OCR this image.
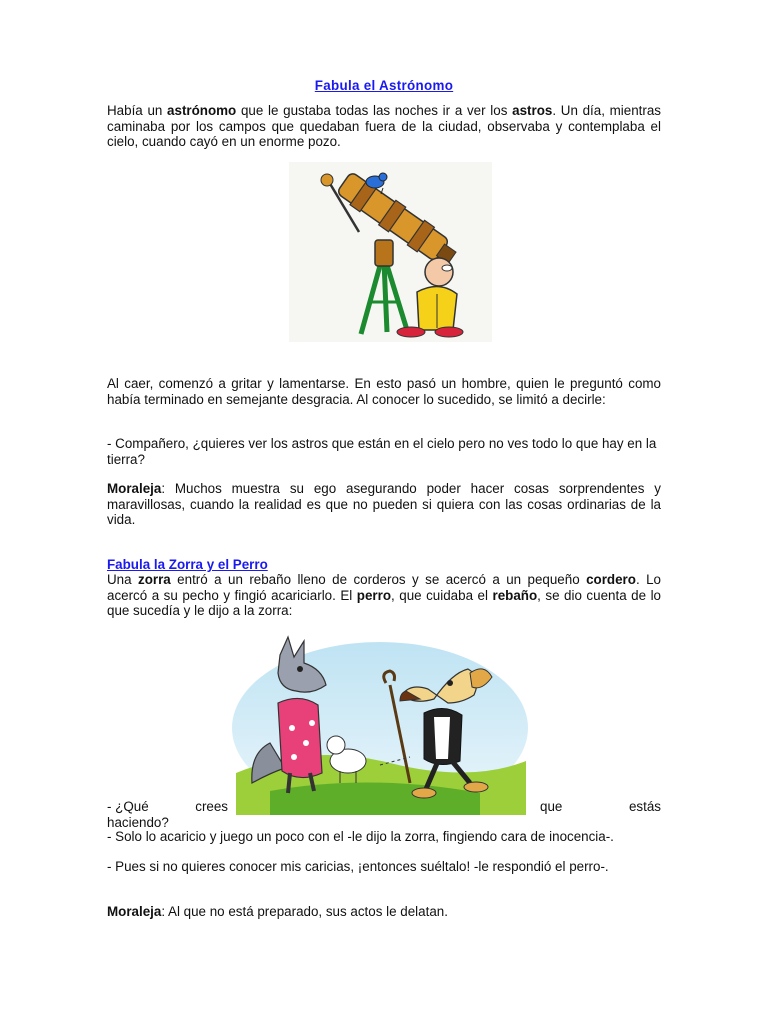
Fabula el Astrónomo

Había un astrónomo que le gustaba todas las noches ir a ver los astros. Un día, mientras caminaba por los campos que quedaban fuera de la ciudad, observaba y contemplaba el cielo, cuando cayó en un enorme pozo.

Al caer, comenzó a gritar y lamentarse. En esto pasó un hombre, quien le preguntó como había terminado en semejante desgracia. Al conocer lo sucedido, se limitó a decirle:

- Compañero, ¿quieres ver los astros que están en el cielo pero no ves todo lo que hay en la tierra?

Moraleja: Muchos muestra su ego asegurando poder hacer cosas sorprendentes y maravillosas, cuando la realidad es que no pueden si quiera con las cosas ordinarias de la vida.

Fabula la Zorra y el Perro

Una zorra entró a un rebaño lleno de corderos y se acercó a un pequeño cordero. Lo acercó a su pecho y fingió acariciarlo. El perro, que cuidaba el rebaño, se dio cuenta de lo que sucedía y le dijo a la zorra:

- ¿Qué	crees	que	estás
haciendo?

- Solo lo acaricio y juego un poco con el -le dijo la zorra, fingiendo cara de inocencia-.

- Pues si no quieres conocer mis caricias, ¡entonces suéltalo! -le respondió el perro-.

Moraleja: Al que no está preparado, sus actos le delatan.
